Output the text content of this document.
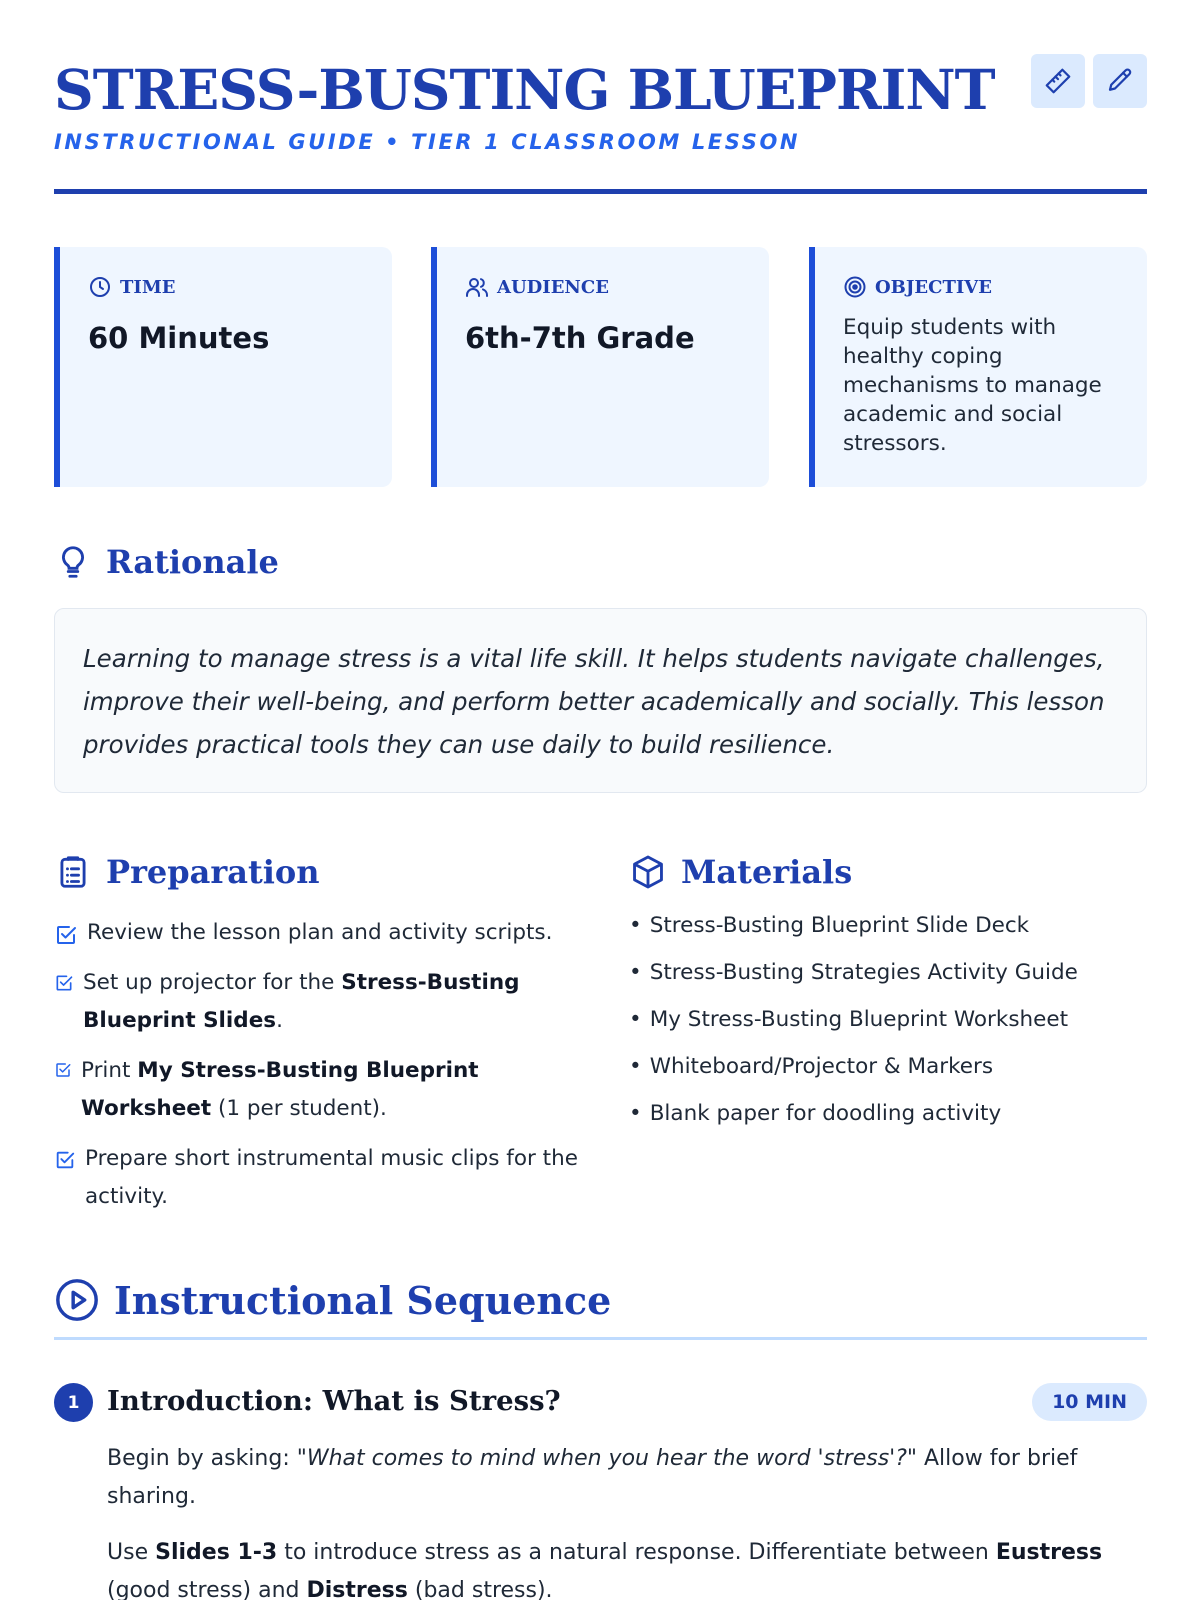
STRESS-BUSTING BLUEPRINT
INSTRUCTIONAL GUIDE • TIER 1 CLASSROOM LESSON
TIME
60 Minutes
AUDIENCE
6th-7th Grade
OBJECTIVE
Equip students with healthy coping mechanisms to manage academic and social stressors.
Rationale
Learning to manage stress is a vital life skill. It helps students navigate challenges, improve their well-being, and perform better academically and socially. This lesson provides practical tools they can use daily to build resilience.
Preparation
Review the lesson plan and activity scripts.
Set up projector for the Stress-Busting Blueprint Slides.
Print My Stress-Busting Blueprint Worksheet (1 per student).
Prepare short instrumental music clips for the activity.
Materials
• Stress-Busting Blueprint Slide Deck
• Stress-Busting Strategies Activity Guide
• My Stress-Busting Blueprint Worksheet
• Whiteboard/Projector & Markers
• Blank paper for doodling activity
Instructional Sequence
1	Introduction: What is Stress?	10 MIN

Begin by asking: "What comes to mind when you hear the word 'stress'?" Allow for brief sharing.

Use Slides 1-3 to introduce stress as a natural response. Differentiate between Eustress (good stress) and Distress (bad stress).
